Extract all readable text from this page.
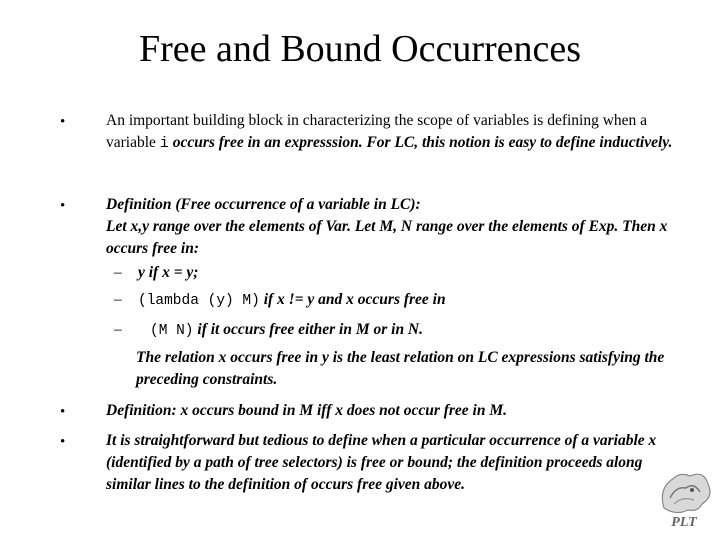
Free and Bound Occurrences
•	An important building block in characterizing the scope of variables is defining when a variable i occurs free in an expresssion. For LC, this notion is easy to define inductively.
•	Definition (Free occurrence of a variable in LC):
Let x,y range over the elements of Var. Let M, N range over the elements of Exp. Then x occurs free in:
– y if x = y;
– (lambda (y) M) if x != y and x occurs free in
– (M N) if it occurs free either in M or in N.
The relation x occurs free in y is the least relation on LC expressions satisfying the preceding constraints.
•	Definition: x occurs bound in M iff x does not occur free in M.
•	It is straightforward but tedious to define when a particular occurrence of a variable x (identified by a path of tree selectors) is free or bound; the definition proceeds along similar lines to the definition of occurs free given above.
PLT
